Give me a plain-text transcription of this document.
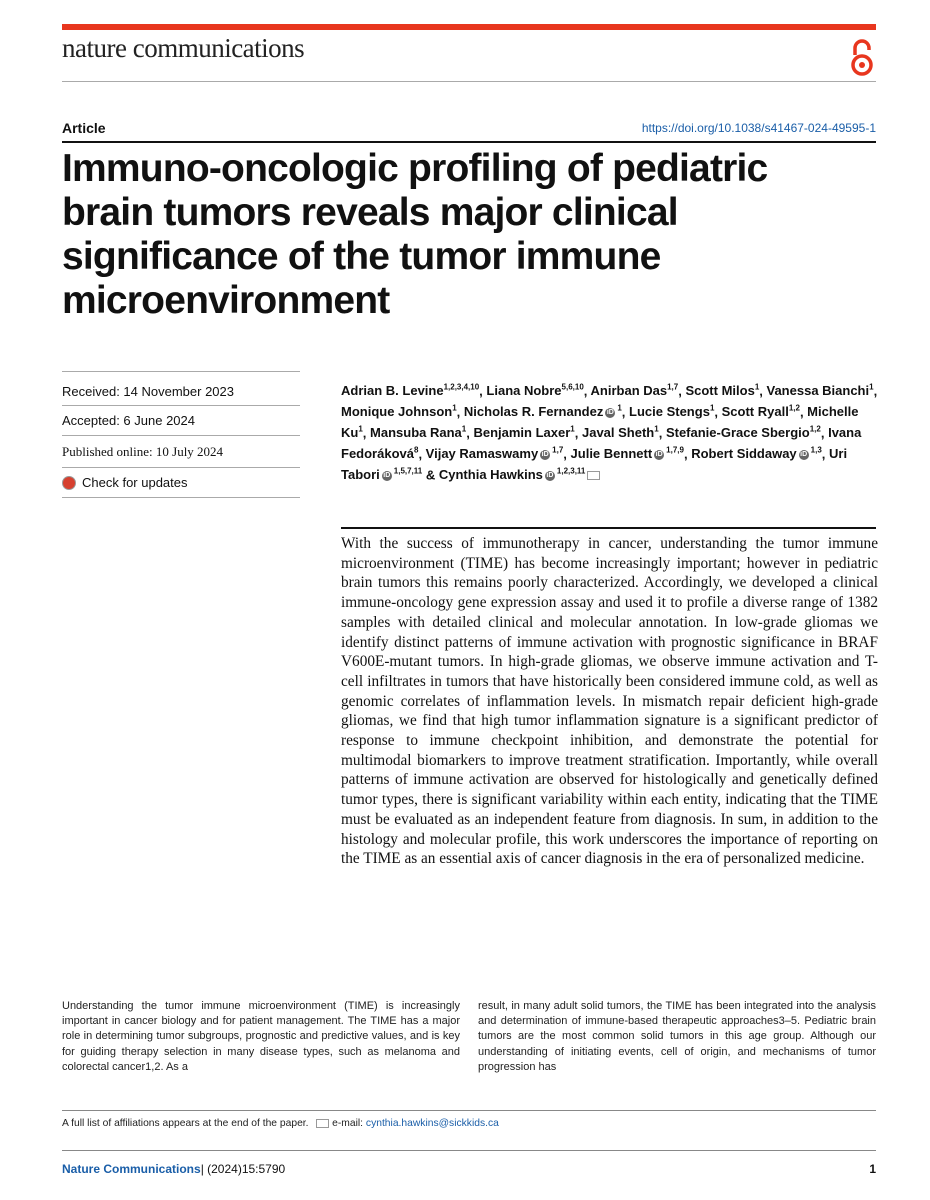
nature communications
Article	https://doi.org/10.1038/s41467-024-49595-1
Immuno-oncologic profiling of pediatric brain tumors reveals major clinical significance of the tumor immune microenvironment
Received: 14 November 2023
Accepted: 6 June 2024
Published online: 10 July 2024
Check for updates
Adrian B. Levine$^{1,2,3,4,10}$, Liana Nobre$^{5,6,10}$, Anirban Das$^{1,7}$, Scott Milos$^1$, Vanessa Bianchi$^1$, Monique Johnson$^1$, Nicholas R. Fernandez iD $^1$, Lucie Stengs$^1$, Scott Ryall$^{1,2}$, Michelle Ku$^1$, Mansuba Rana$^1$, Benjamin Laxer$^1$, Javal Sheth$^1$, Stefanie-Grace Sbergio$^{1,2}$, Ivana Fedoráková$^8$, Vijay Ramaswamy iD $^{1,7}$, Julie Bennett iD $^{1,7,9}$, Robert Siddaway iD $^{1,3}$, Uri Tabori iD $^{1,5,7,11}$ & Cynthia Hawkins iD $^{1,2,3,11}$
With the success of immunotherapy in cancer, understanding the tumor immune microenvironment (TIME) has become increasingly important; however in pediatric brain tumors this remains poorly characterized. Accordingly, we developed a clinical immune-oncology gene expression assay and used it to profile a diverse range of 1382 samples with detailed clinical and molecular annotation. In low-grade gliomas we identify distinct patterns of immune activation with prognostic significance in BRAF V600E-mutant tumors. In high-grade gliomas, we observe immune activation and T-cell infiltrates in tumors that have historically been considered immune cold, as well as genomic correlates of inflammation levels. In mismatch repair deficient high-grade gliomas, we find that high tumor inflammation signature is a significant predictor of response to immune checkpoint inhibition, and demonstrate the potential for multimodal biomarkers to improve treatment stratification. Importantly, while overall patterns of immune activation are observed for histologically and genetically defined tumor types, there is significant variability within each entity, indicating that the TIME must be evaluated as an independent feature from diagnosis. In sum, in addition to the histology and molecular profile, this work underscores the importance of reporting on the TIME as an essential axis of cancer diagnosis in the era of personalized medicine.
Understanding the tumor immune microenvironment (TIME) is increasingly important in cancer biology and for patient management. The TIME has a major role in determining tumor subgroups, prognostic and predictive values, and is key for guiding therapy selection in many disease types, such as melanoma and colorectal cancer1,2. As a
result, in many adult solid tumors, the TIME has been integrated into the analysis and determination of immune-based therapeutic approaches3–5. Pediatric brain tumors are the most common solid tumors in this age group. Although our understanding of initiating events, cell of origin, and mechanisms of tumor progression has
A full list of affiliations appears at the end of the paper. e-mail: cynthia.hawkins@sickkids.ca
Nature Communications| (2024)15:5790	1
